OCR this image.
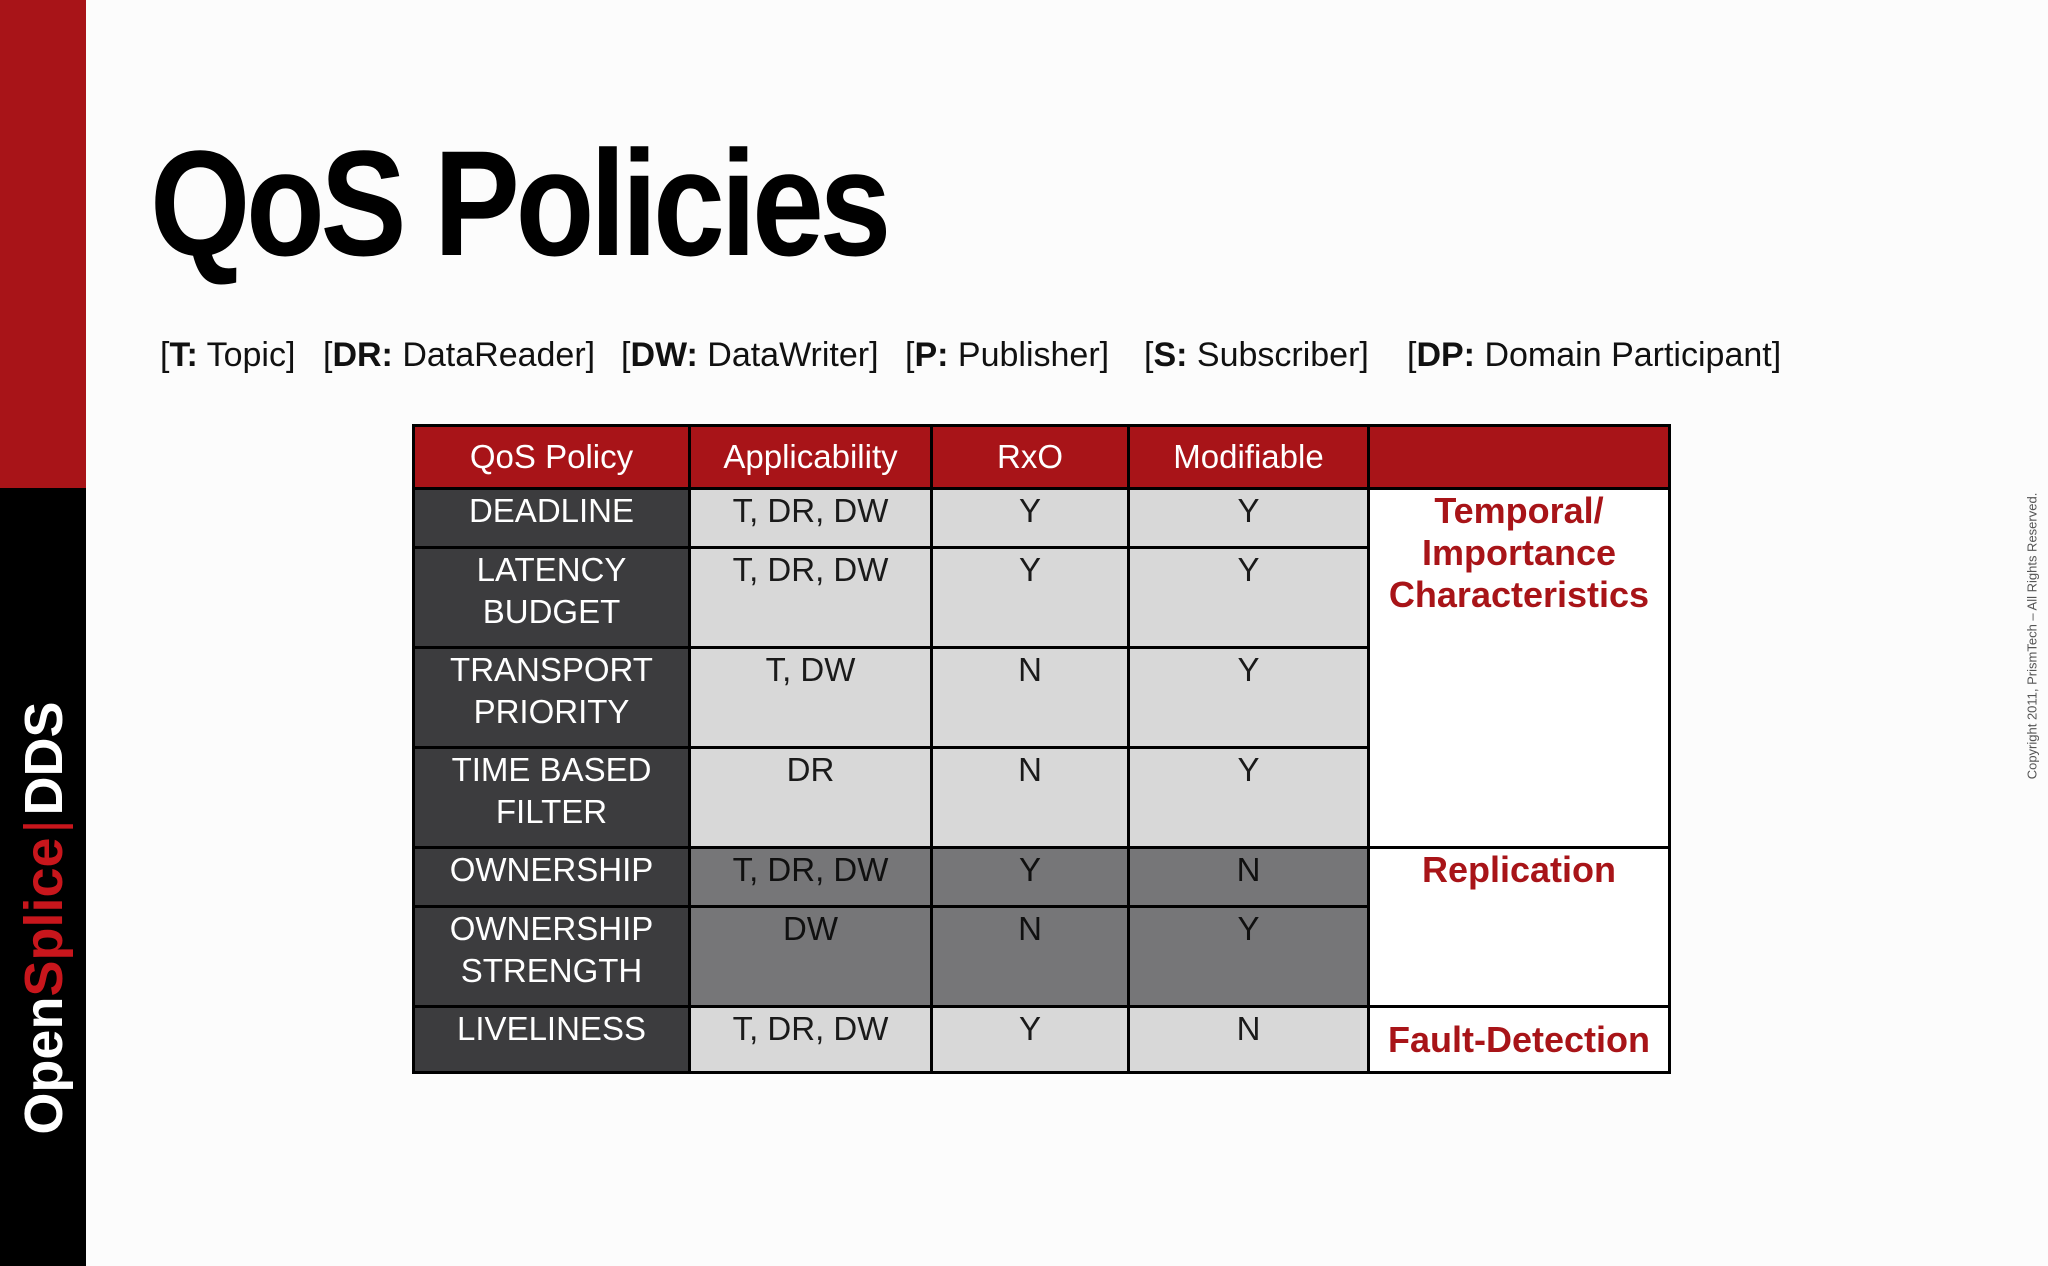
OpenSplice|DDS
QoS Policies
[T: Topic] [DR: DataReader] [DW: DataWriter] [P: Publisher] [S: Subscriber] [DP: Domain Participant]
QoS Policy	Applicability	RxO	Modifiable	
DEADLINE	T, DR, DW	Y	Y	Temporal/
Importance
Characteristics
LATENCY BUDGET	T, DR, DW	Y	Y	
TRANSPORT PRIORITY	T, DW	N	Y	
TIME BASED FILTER	DR	N	Y	
OWNERSHIP	T, DR, DW	Y	N	Replication
OWNERSHIP STRENGTH	DW	N	Y	
LIVELINESS	T, DR, DW	Y	N	Fault-Detection
Copyright 2011, PrismTech – All Rights Reserved.
